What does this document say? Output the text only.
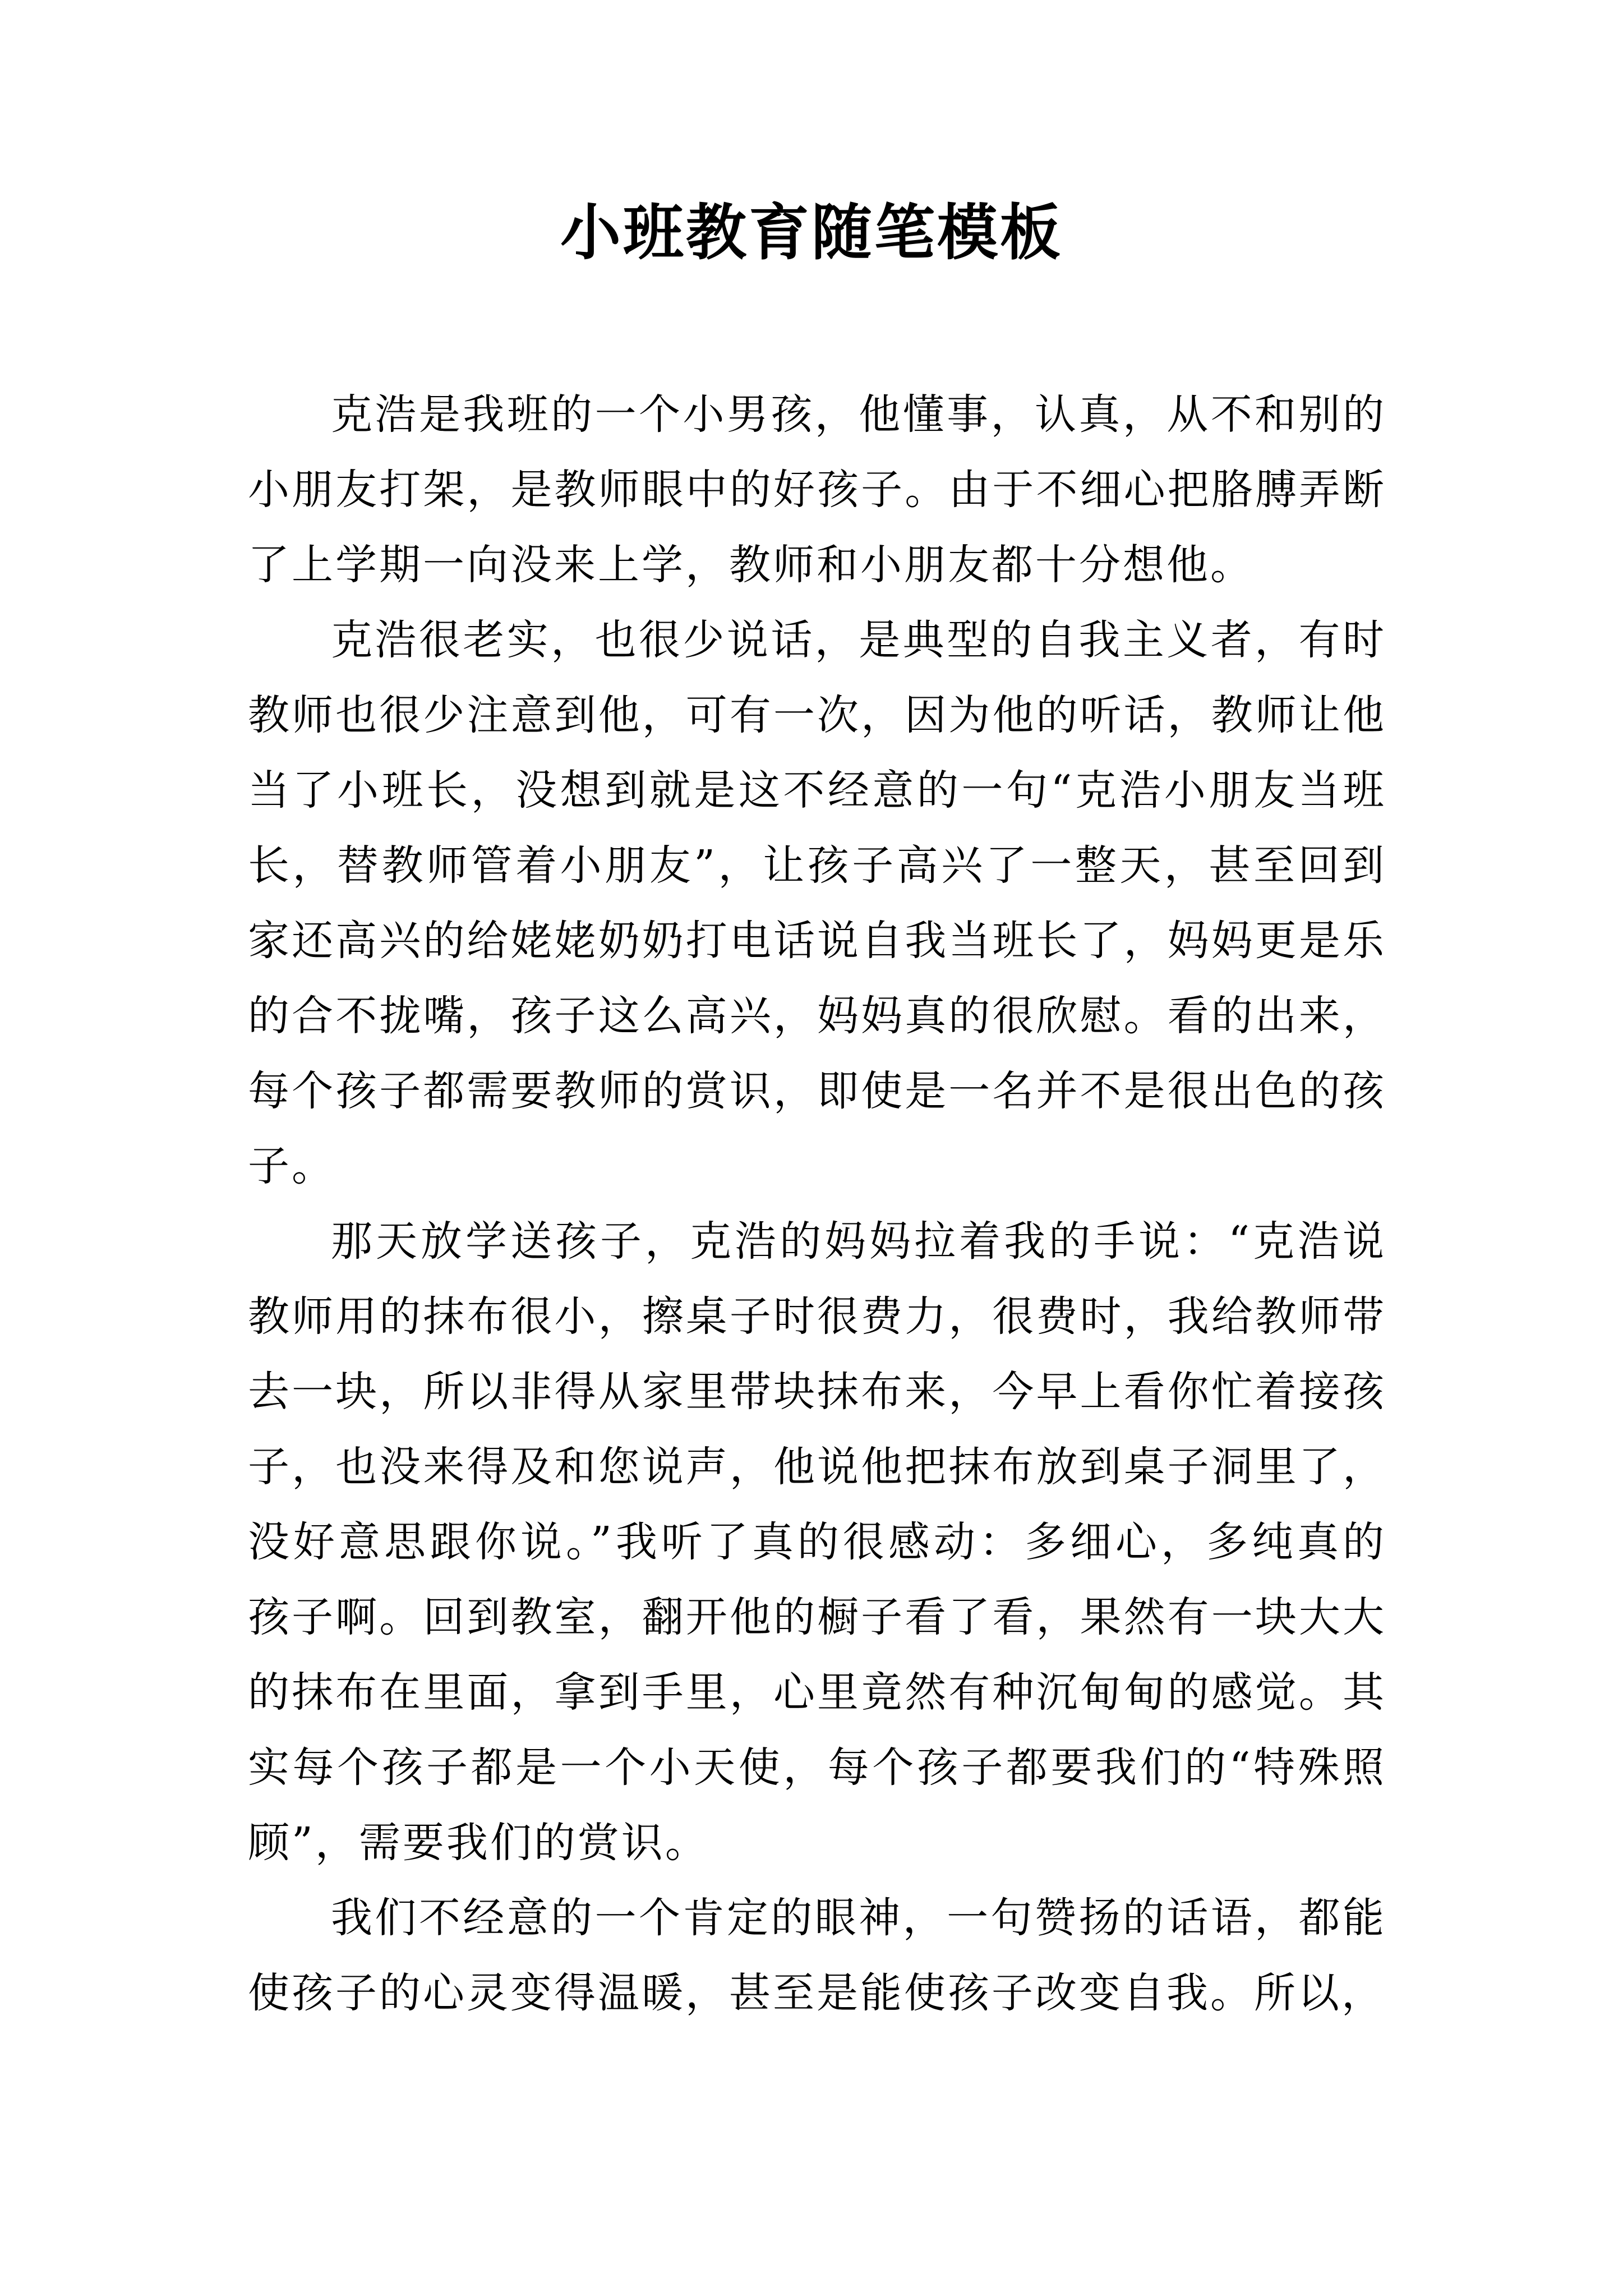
小班教育随笔模板

克浩是我班的一个小男孩，他懂事，认真，从不和别的小朋友打架，是教师眼中的好孩子。由于不细心把胳膊弄断了上学期一向没来上学，教师和小朋友都十分想他。

克浩很老实，也很少说话，是典型的自我主义者，有时教师也很少注意到他，可有一次，因为他的听话，教师让他当了小班长，没想到就是这不经意的一句“克浩小朋友当班长，替教师管着小朋友”，让孩子高兴了一整天，甚至回到家还高兴的给姥姥奶奶打电话说自我当班长了，妈妈更是乐的合不拢嘴，孩子这么高兴，妈妈真的很欣慰。看的出来，每个孩子都需要教师的赏识，即使是一名并不是很出色的孩子。

那天放学送孩子，克浩的妈妈拉着我的手说：“克浩说教师用的抹布很小，擦桌子时很费力，很费时，我给教师带去一块，所以非得从家里带块抹布来，今早上看你忙着接孩子，也没来得及和您说声，他说他把抹布放到桌子洞里了，没好意思跟你说。”我听了真的很感动：多细心，多纯真的孩子啊。回到教室，翻开他的橱子看了看，果然有一块大大的抹布在里面，拿到手里，心里竟然有种沉甸甸的感觉。其实每个孩子都是一个小天使，每个孩子都要我们的“特殊照顾”，需要我们的赏识。

我们不经意的一个肯定的眼神，一句赞扬的话语，都能使孩子的心灵变得温暖，甚至是能使孩子改变自我。所以，
